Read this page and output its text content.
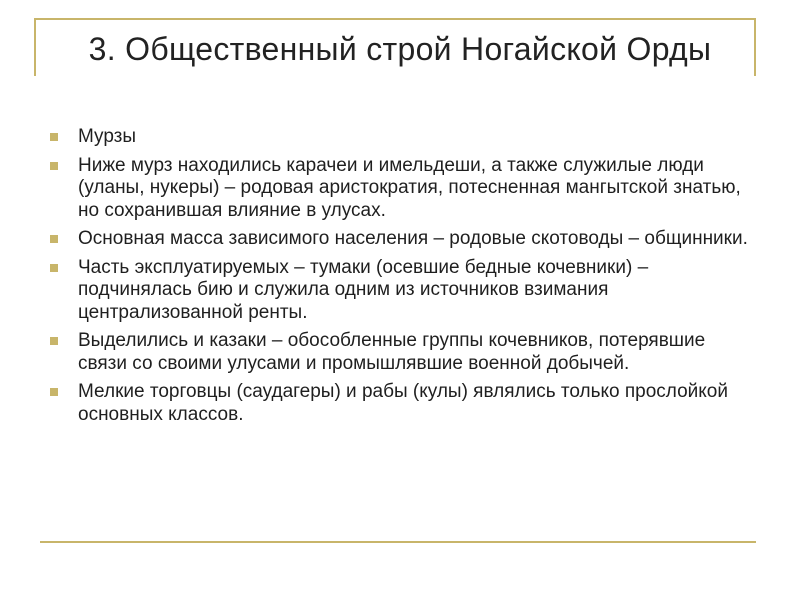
3. Общественный строй Ногайской Орды
Мурзы
Ниже мурз находились карачеи и имельдеши, а также служилые люди (уланы, нукеры) – родовая аристократия, потесненная мангытской знатью, но сохранившая влияние в улусах.
Основная масса зависимого населения – родовые скотоводы – общинники.
Часть эксплуатируемых – тумаки (осевшие бедные кочевники) – подчинялась бию и служила одним из источников взимания централизованной ренты.
Выделились и казаки – обособленные группы кочевников, потерявшие связи со своими улусами и промышлявшие военной добычей.
Мелкие торговцы (саудагеры) и рабы (кулы) являлись только прослойкой основных классов.
